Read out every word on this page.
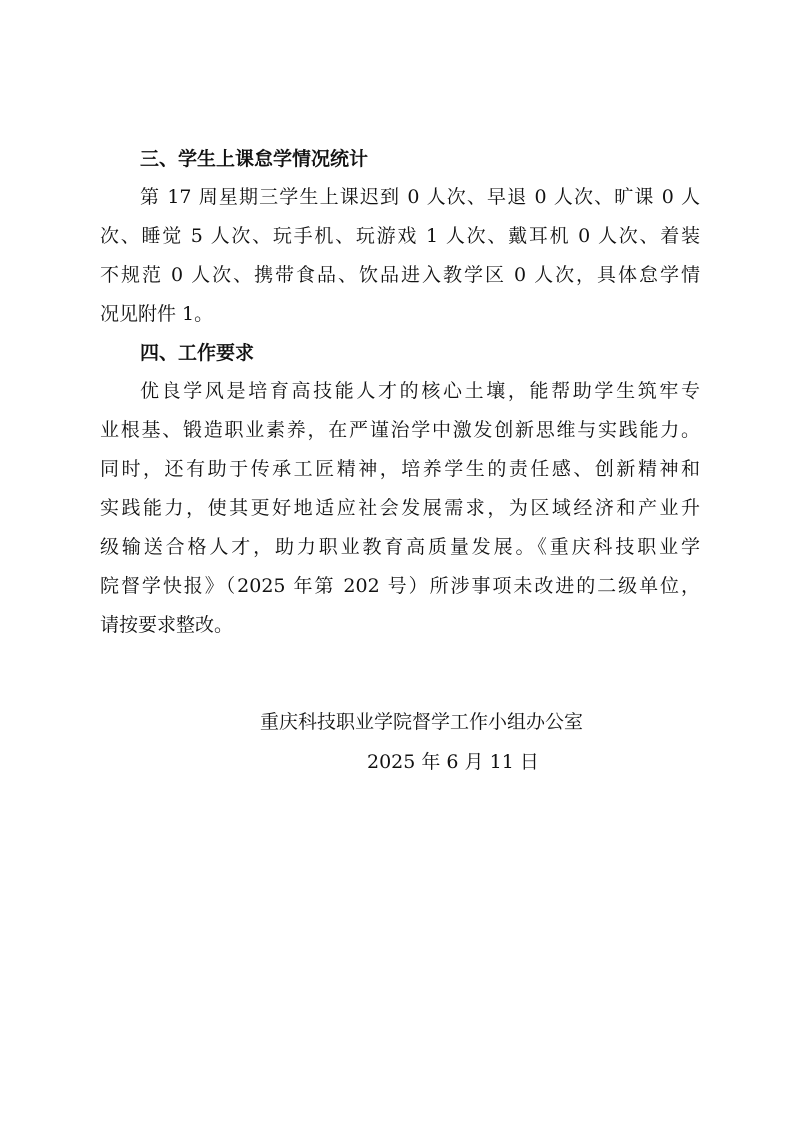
三、学生上课怠学情况统计
第 17 周星期三学生上课迟到 0 人次、早退 0 人次、旷课 0 人
次、睡觉 5 人次、玩手机、玩游戏 1 人次、戴耳机 0 人次、着装
不规范 0 人次、携带食品、饮品进入教学区 0 人次，具体怠学情
况见附件 1。
四、工作要求
优良学风是培育高技能人才的核心土壤，能帮助学生筑牢专
业根基、锻造职业素养，在严谨治学中激发创新思维与实践能力。
同时，还有助于传承工匠精神，培养学生的责任感、创新精神和
实践能力，使其更好地适应社会发展需求，为区域经济和产业升
级输送合格人才，助力职业教育高质量发展。《重庆科技职业学
院督学快报》（2025 年第 202 号）所涉事项未改进的二级单位，
请按要求整改。
重庆科技职业学院督学工作小组办公室
2025 年 6 月 11 日
